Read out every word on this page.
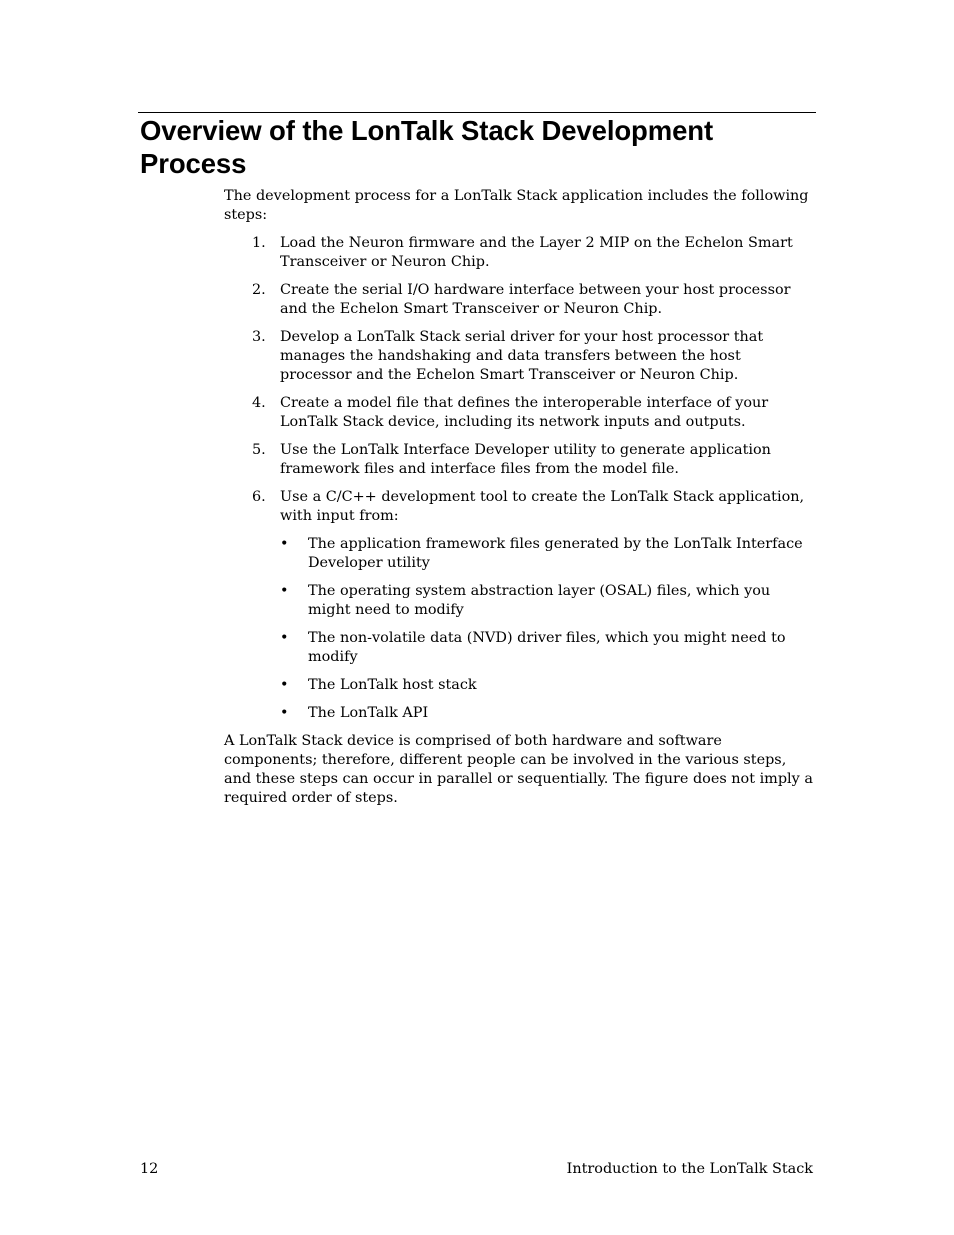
Overview of the LonTalk Stack Development Process

The development process for a LonTalk Stack application includes the following steps:

1. Load the Neuron firmware and the Layer 2 MIP on the Echelon Smart Transceiver or Neuron Chip.
2. Create the serial I/O hardware interface between your host processor and the Echelon Smart Transceiver or Neuron Chip.
3. Develop a LonTalk Stack serial driver for your host processor that manages the handshaking and data transfers between the host processor and the Echelon Smart Transceiver or Neuron Chip.
4. Create a model file that defines the interoperable interface of your LonTalk Stack device, including its network inputs and outputs.
5. Use the LonTalk Interface Developer utility to generate application framework files and interface files from the model file.
6. Use a C/C++ development tool to create the LonTalk Stack application, with input from:
•	The application framework files generated by the LonTalk Interface Developer utility
•	The operating system abstraction layer (OSAL) files, which you might need to modify
•	The non-volatile data (NVD) driver files, which you might need to modify
•	The LonTalk host stack
•	The LonTalk API

A LonTalk Stack device is comprised of both hardware and software components; therefore, different people can be involved in the various steps, and these steps can occur in parallel or sequentially. The figure does not imply a required order of steps.

12	Introduction to the LonTalk Stack
